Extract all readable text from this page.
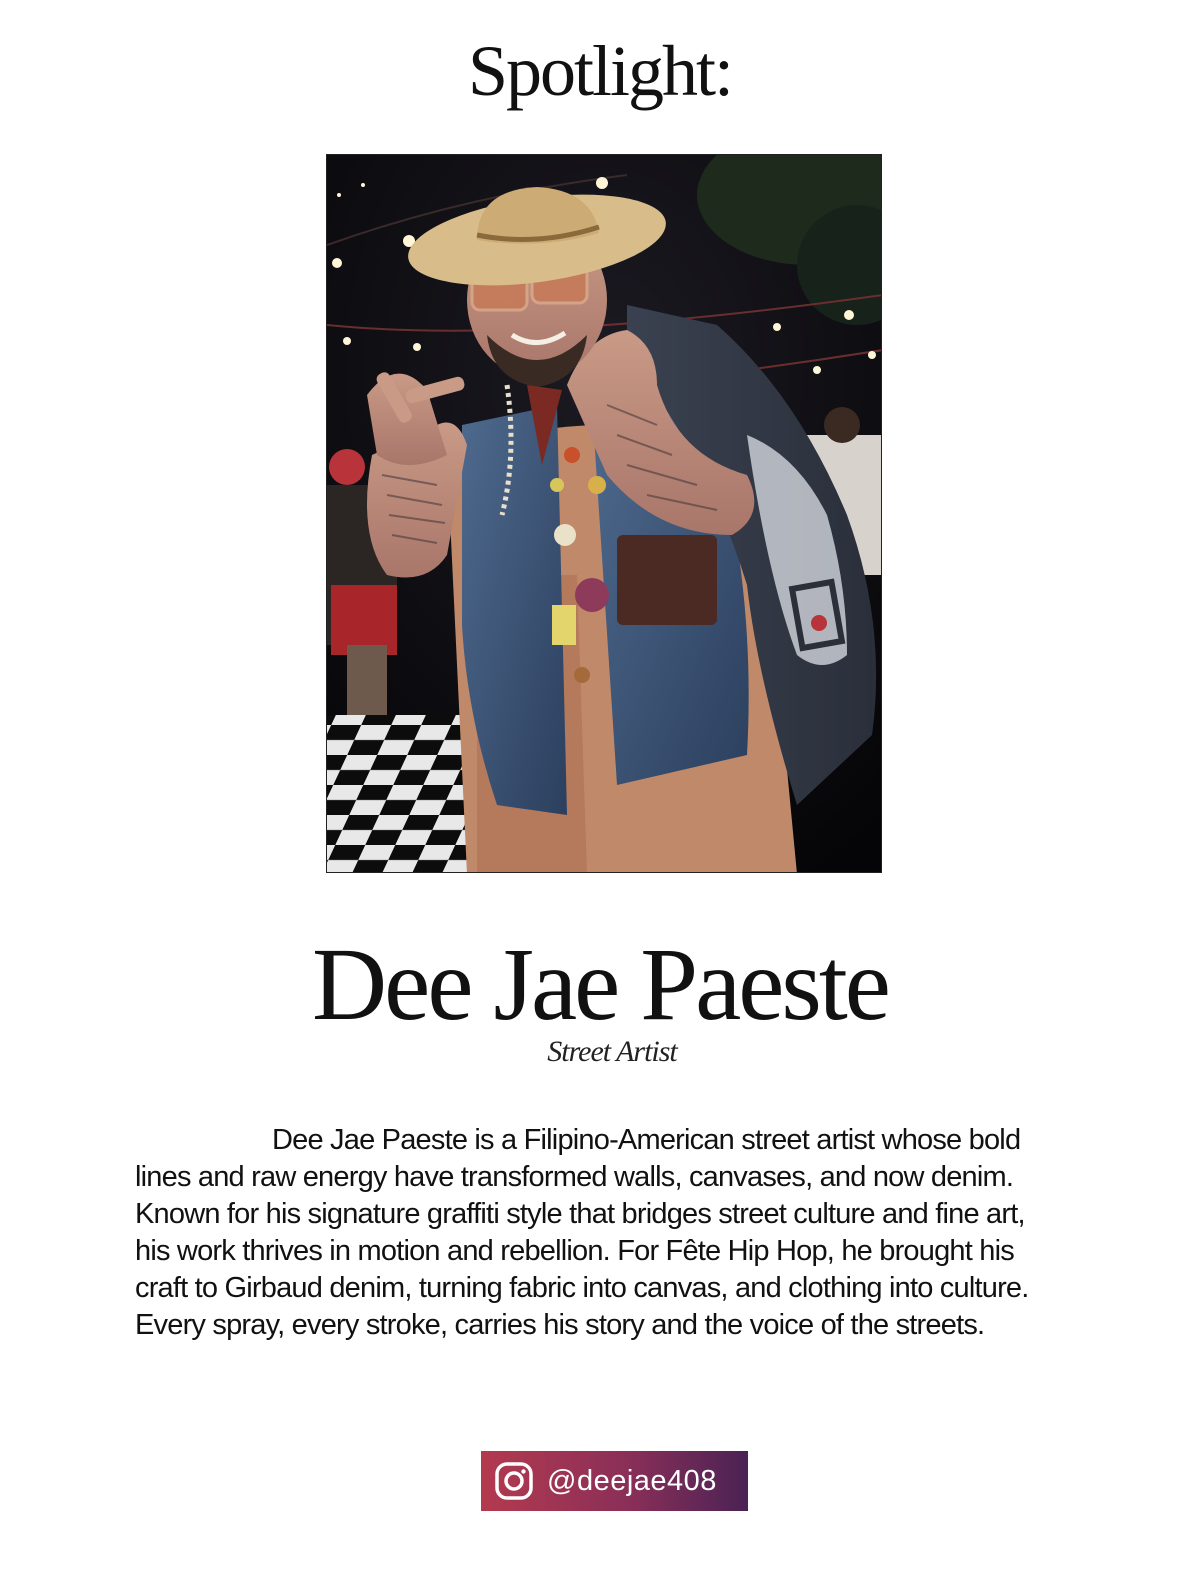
Spotlight:
Dee Jae Paeste
Street Artist

Dee Jae Paeste is a Filipino-American street artist whose bold lines and raw energy have transformed walls, canvases, and now denim. Known for his signature graffiti style that bridges street culture and fine art, his work thrives in motion and rebellion. For Fête Hip Hop, he brought his craft to Girbaud denim, turning fabric into canvas, and clothing into culture. Every spray, every stroke, carries his story and the voice of the streets.

@deejae408
